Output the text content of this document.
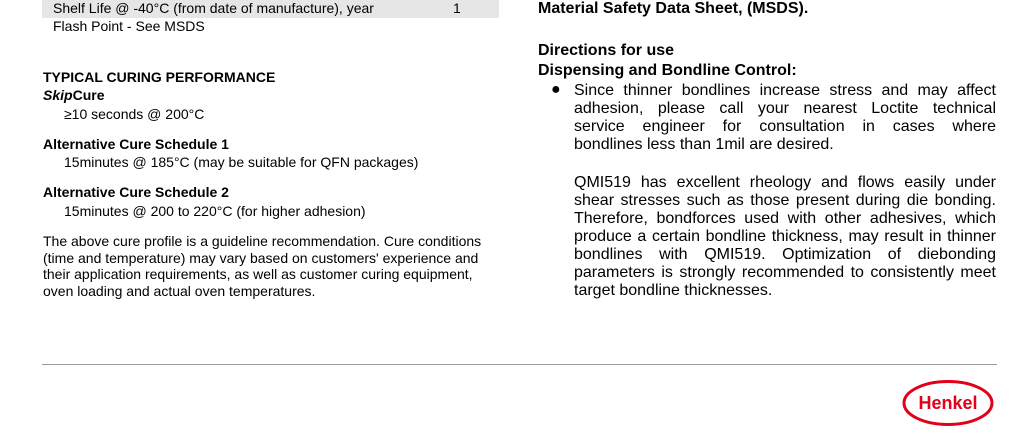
Shelf Life @ -40°C (from date of manufacture), year	1
Flash Point - See MSDS
TYPICAL CURING PERFORMANCE
SkipCure
≥10 seconds @ 200°C
Alternative Cure Schedule 1
15minutes @ 185°C (may be suitable for QFN packages)
Alternative Cure Schedule 2
15minutes @ 200 to 220°C (for higher adhesion)
The above cure profile is a guideline recommendation. Cure conditions
(time and temperature) may vary based on customers' experience and
their application requirements, as well as customer curing equipment,
oven loading and actual oven temperatures.
Material Safety Data Sheet, (MSDS).
Directions for use
Dispensing and Bondline Control:
● Since thinner bondlines increase stress and may affect
adhesion, please call your nearest Loctite technical
service engineer for consultation in cases where
bondlines less than 1mil are desired.
QMI519 has excellent rheology and flows easily under
shear stresses such as those present during die bonding.
Therefore, bondforces used with other adhesives, which
produce a certain bondline thickness, may result in thinner
bondlines with QMI519. Optimization of diebonding
parameters is strongly recommended to consistently meet
target bondline thicknesses.
Henkel
